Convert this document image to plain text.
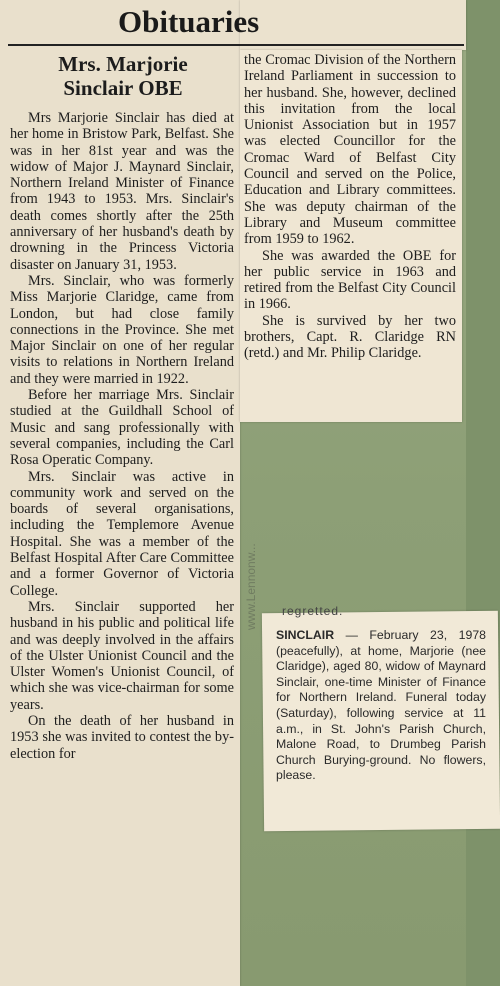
Obituaries
Mrs. Marjorie
Sinclair OBE

Mrs Marjorie Sinclair has died at her home in Bristow Park, Belfast. She was in her 81st year and was the widow of Major J. Maynard Sinclair, Northern Ireland Minister of Finance from 1943 to 1953. Mrs. Sinclair's death comes shortly after the 25th anniversary of her husband's death by drowning in the Princess Victoria disaster on January 31, 1953.

Mrs. Sinclair, who was formerly Miss Marjorie Claridge, came from London, but had close family connections in the Province. She met Major Sinclair on one of her regular visits to relations in Northern Ireland and they were married in 1922.

Before her marriage Mrs. Sinclair studied at the Guildhall School of Music and sang professionally with several companies, including the Carl Rosa Operatic Company.

Mrs. Sinclair was active in community work and served on the boards of several organisations, including the Templemore Avenue Hospital. She was a member of the Belfast Hospital After Care Committee and a former Governor of Victoria College.

Mrs. Sinclair supported her husband in his public and political life and was deeply involved in the affairs of the Ulster Unionist Council and the Ulster Women's Unionist Council, of which she was vice-chairman for some years.

On the death of her husband in 1953 she was invited to contest the by-election for

the Cromac Division of the Northern Ireland Parliament in succession to her husband. She, however, declined this invitation from the local Unionist Association but in 1957 was elected Councillor for the Cromac Ward of Belfast City Council and served on the Police, Education and Library committees. She was deputy chairman of the Library and Museum committee from 1959 to 1962.

She was awarded the OBE for her public service in 1963 and retired from the Belfast City Council in 1966.

She is survived by her two brothers, Capt. R. Claridge RN (retd.) and Mr. Philip Claridge.

www.Lennonw... regretted.
SINCLAIR — February 23, 1978 (peacefully), at home, Marjorie (nee Claridge), aged 80, widow of Maynard Sinclair, one-time Minister of Finance for Northern Ireland. Funeral today (Saturday), following service at 11 a.m., in St. John's Parish Church, Malone Road, to Drumbeg Parish Church Burying-ground. No flowers, please.
